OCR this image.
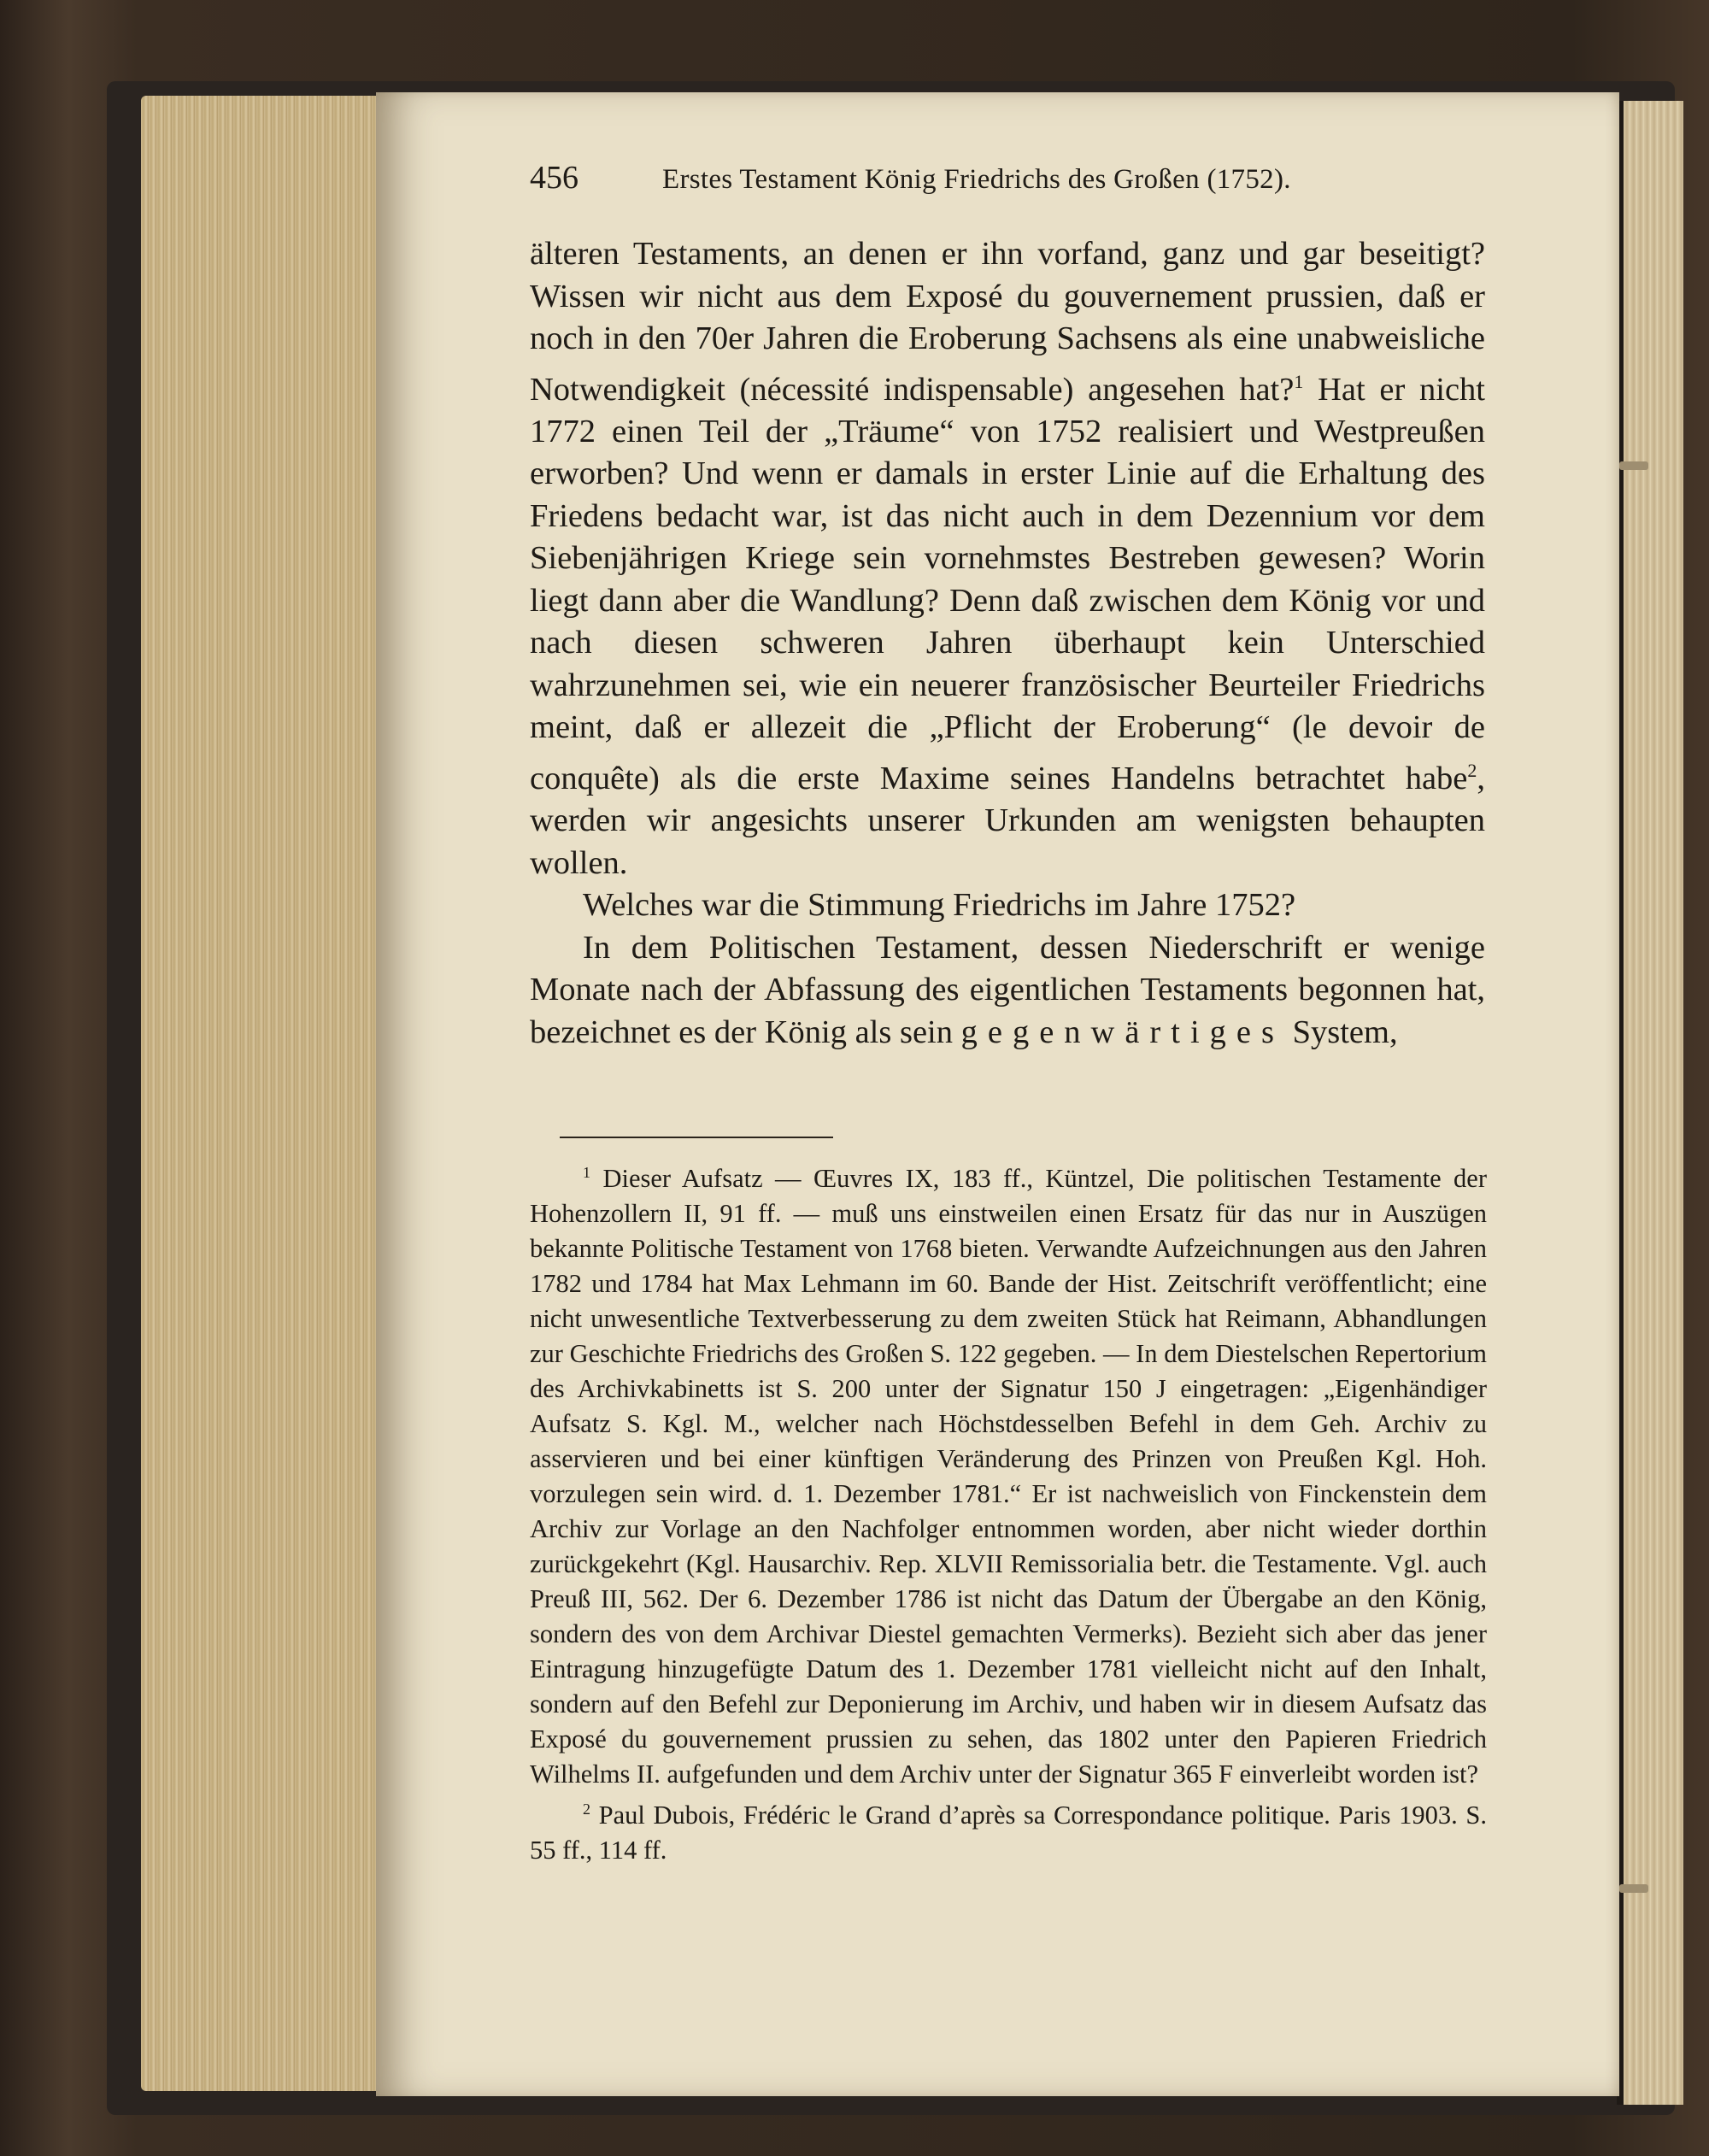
456	Erstes Testament König Friedrichs des Großen (1752).

älteren Testaments, an denen er ihn vorfand, ganz und gar beseitigt? Wissen wir nicht aus dem Exposé du gouvernement prussien, daß er noch in den 70er Jahren die Eroberung Sachsens als eine unabweisliche Notwendigkeit (nécessité indispensable) angesehen hat?$^1$ Hat er nicht 1772 einen Teil der „Träume“ von 1752 realisiert und Westpreußen erworben? Und wenn er damals in erster Linie auf die Erhaltung des Friedens bedacht war, ist das nicht auch in dem Dezennium vor dem Siebenjährigen Kriege sein vornehmstes Bestreben gewesen? Worin liegt dann aber die Wandlung? Denn daß zwischen dem König vor und nach diesen schweren Jahren überhaupt kein Unterschied wahrzunehmen sei, wie ein neuerer französischer Beurteiler Friedrichs meint, daß er allezeit die „Pflicht der Eroberung“ (le devoir de conquête) als die erste Maxime seines Handelns betrachtet habe$^2$, werden wir angesichts unserer Urkunden am wenigsten behaupten wollen.

Welches war die Stimmung Friedrichs im Jahre 1752?

In dem Politischen Testament, dessen Niederschrift er wenige Monate nach der Abfassung des eigentlichen Testaments begonnen hat, bezeichnet es der König als sein gegenwärtiges System,

$^1$ Dieser Aufsatz — Œuvres IX, 183 ff., Küntzel, Die politischen Testamente der Hohenzollern II, 91 ff. — muß uns einstweilen einen Ersatz für das nur in Auszügen bekannte Politische Testament von 1768 bieten. Verwandte Aufzeichnungen aus den Jahren 1782 und 1784 hat Max Lehmann im 60. Bande der Hist. Zeitschrift veröffentlicht; eine nicht unwesentliche Textverbesserung zu dem zweiten Stück hat Reimann, Abhandlungen zur Geschichte Friedrichs des Großen S. 122 gegeben. — In dem Diestelschen Repertorium des Archivkabinetts ist S. 200 unter der Signatur 150 J eingetragen: „Eigenhändiger Aufsatz S. Kgl. M., welcher nach Höchstdesselben Befehl in dem Geh. Archiv zu asservieren und bei einer künftigen Veränderung des Prinzen von Preußen Kgl. Hoh. vorzulegen sein wird. d. 1. Dezember 1781.“ Er ist nachweislich von Finckenstein dem Archiv zur Vorlage an den Nachfolger entnommen worden, aber nicht wieder dorthin zurückgekehrt (Kgl. Hausarchiv. Rep. XLVII Remissorialia betr. die Testamente. Vgl. auch Preuß III, 562. Der 6. Dezember 1786 ist nicht das Datum der Übergabe an den König, sondern des von dem Archivar Diestel gemachten Vermerks). Bezieht sich aber das jener Eintragung hinzugefügte Datum des 1. Dezember 1781 vielleicht nicht auf den Inhalt, sondern auf den Befehl zur Deponierung im Archiv, und haben wir in diesem Aufsatz das Exposé du gouvernement prussien zu sehen, das 1802 unter den Papieren Friedrich Wilhelms II. aufgefunden und dem Archiv unter der Signatur 365 F einverleibt worden ist?

$^2$ Paul Dubois, Frédéric le Grand d’après sa Correspondance politique. Paris 1903. S. 55 ff., 114 ff.
